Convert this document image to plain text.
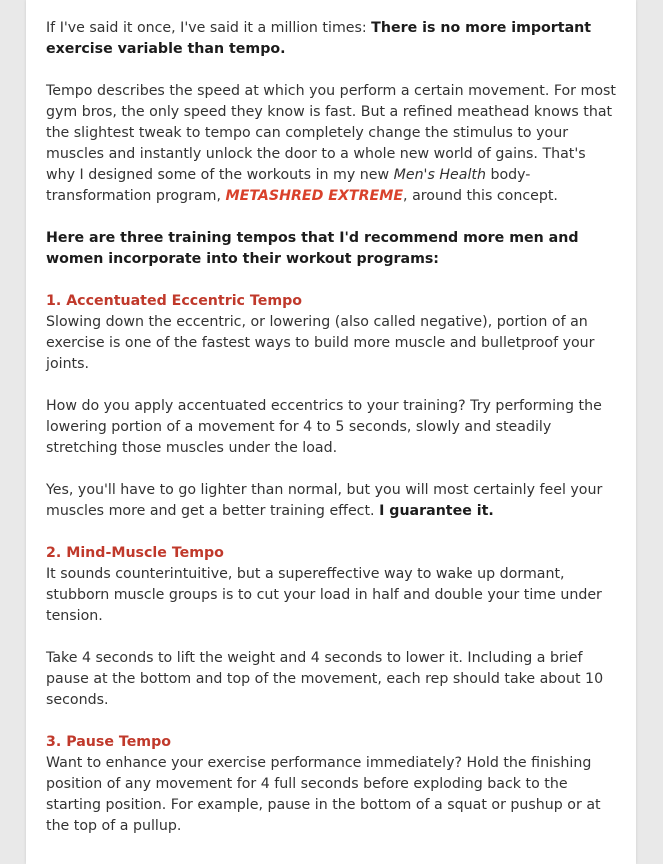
If I've said it once, I've said it a million times: There is no more important exercise variable than tempo.

Tempo describes the speed at which you perform a certain movement. For most gym bros, the only speed they know is fast. But a refined meathead knows that the slightest tweak to tempo can completely change the stimulus to your muscles and instantly unlock the door to a whole new world of gains. That's why I designed some of the workouts in my new Men's Health body-transformation program, METASHRED EXTREME, around this concept.

Here are three training tempos that I'd recommend more men and women incorporate into their workout programs:

1. Accentuated Eccentric Tempo
Slowing down the eccentric, or lowering (also called negative), portion of an exercise is one of the fastest ways to build more muscle and bulletproof your joints.

How do you apply accentuated eccentrics to your training? Try performing the lowering portion of a movement for 4 to 5 seconds, slowly and steadily stretching those muscles under the load.

Yes, you'll have to go lighter than normal, but you will most certainly feel your muscles more and get a better training effect. I guarantee it.

2. Mind-Muscle Tempo
It sounds counterintuitive, but a supereffective way to wake up dormant, stubborn muscle groups is to cut your load in half and double your time under tension.

Take 4 seconds to lift the weight and 4 seconds to lower it. Including a brief pause at the bottom and top of the movement, each rep should take about 10 seconds.

3. Pause Tempo
Want to enhance your exercise performance immediately? Hold the finishing position of any movement for 4 full seconds before exploding back to the starting position. For example, pause in the bottom of a squat or pushup or at the top of a pullup.
